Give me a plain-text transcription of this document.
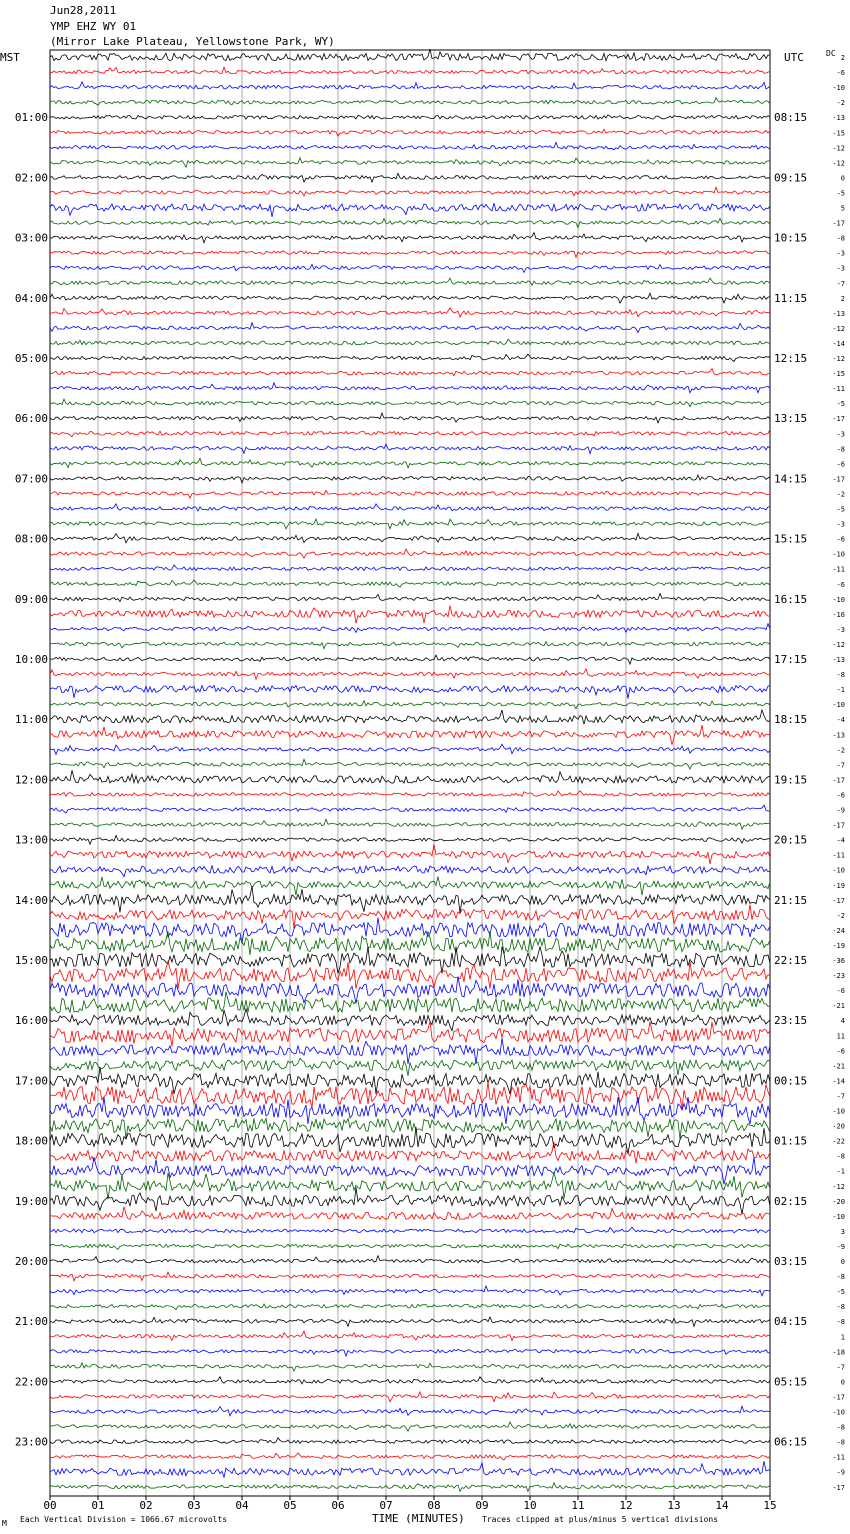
Jun28,2011
YMP EHZ WY 01
(Mirror Lake Plateau, Yellowstone Park, WY)
MST	UTC	DC 2
-6
-10
-2
-13
-15
-12
-12
0
-5
5
-17
-8
-3
-3
-7
2
-13
-12
-14
-12
-15
-11
-5
-17
-3
-8
-6
-17
-2
-5
-3
-6
-10
-11
-6
-10
-16
-3
-12
-13
-8
-1
-10
-4
-13
-2
-7
-17
-6
-9
-17
-4
-11
-10
-19
-17
-2
-24
-19
-36
-23
-6
-21
4
11
-6
-21
-14
-7
-10
-20
-22
-8
-1
-12
-20
-10
3
-9
0
-8
-5
-8
-8
1
-18
-7
0
-17
-10
-8
-8
-11
-9
-17
01:00	08:15
02:00	09:15
03:00	10:15
04:00	11:15
05:00	12:15
06:00	13:15
07:00	14:15
08:00	15:15
09:00	16:15
10:00	17:15
11:00	18:15
12:00	19:15
13:00	20:15
14:00	21:15
15:00	22:15
16:00	23:15
17:00	00:15
18:00	01:15
19:00	02:15
20:00	03:15
21:00	04:15
22:00	05:15
23:00	06:15
00	01	02	03	04	05	06	07	08	09	10	11	12	13	14	15
M Each Vertical Division = 1066.67 microvolts	TIME (MINUTES) Traces clipped at plus/minus 5 vertical divisions
